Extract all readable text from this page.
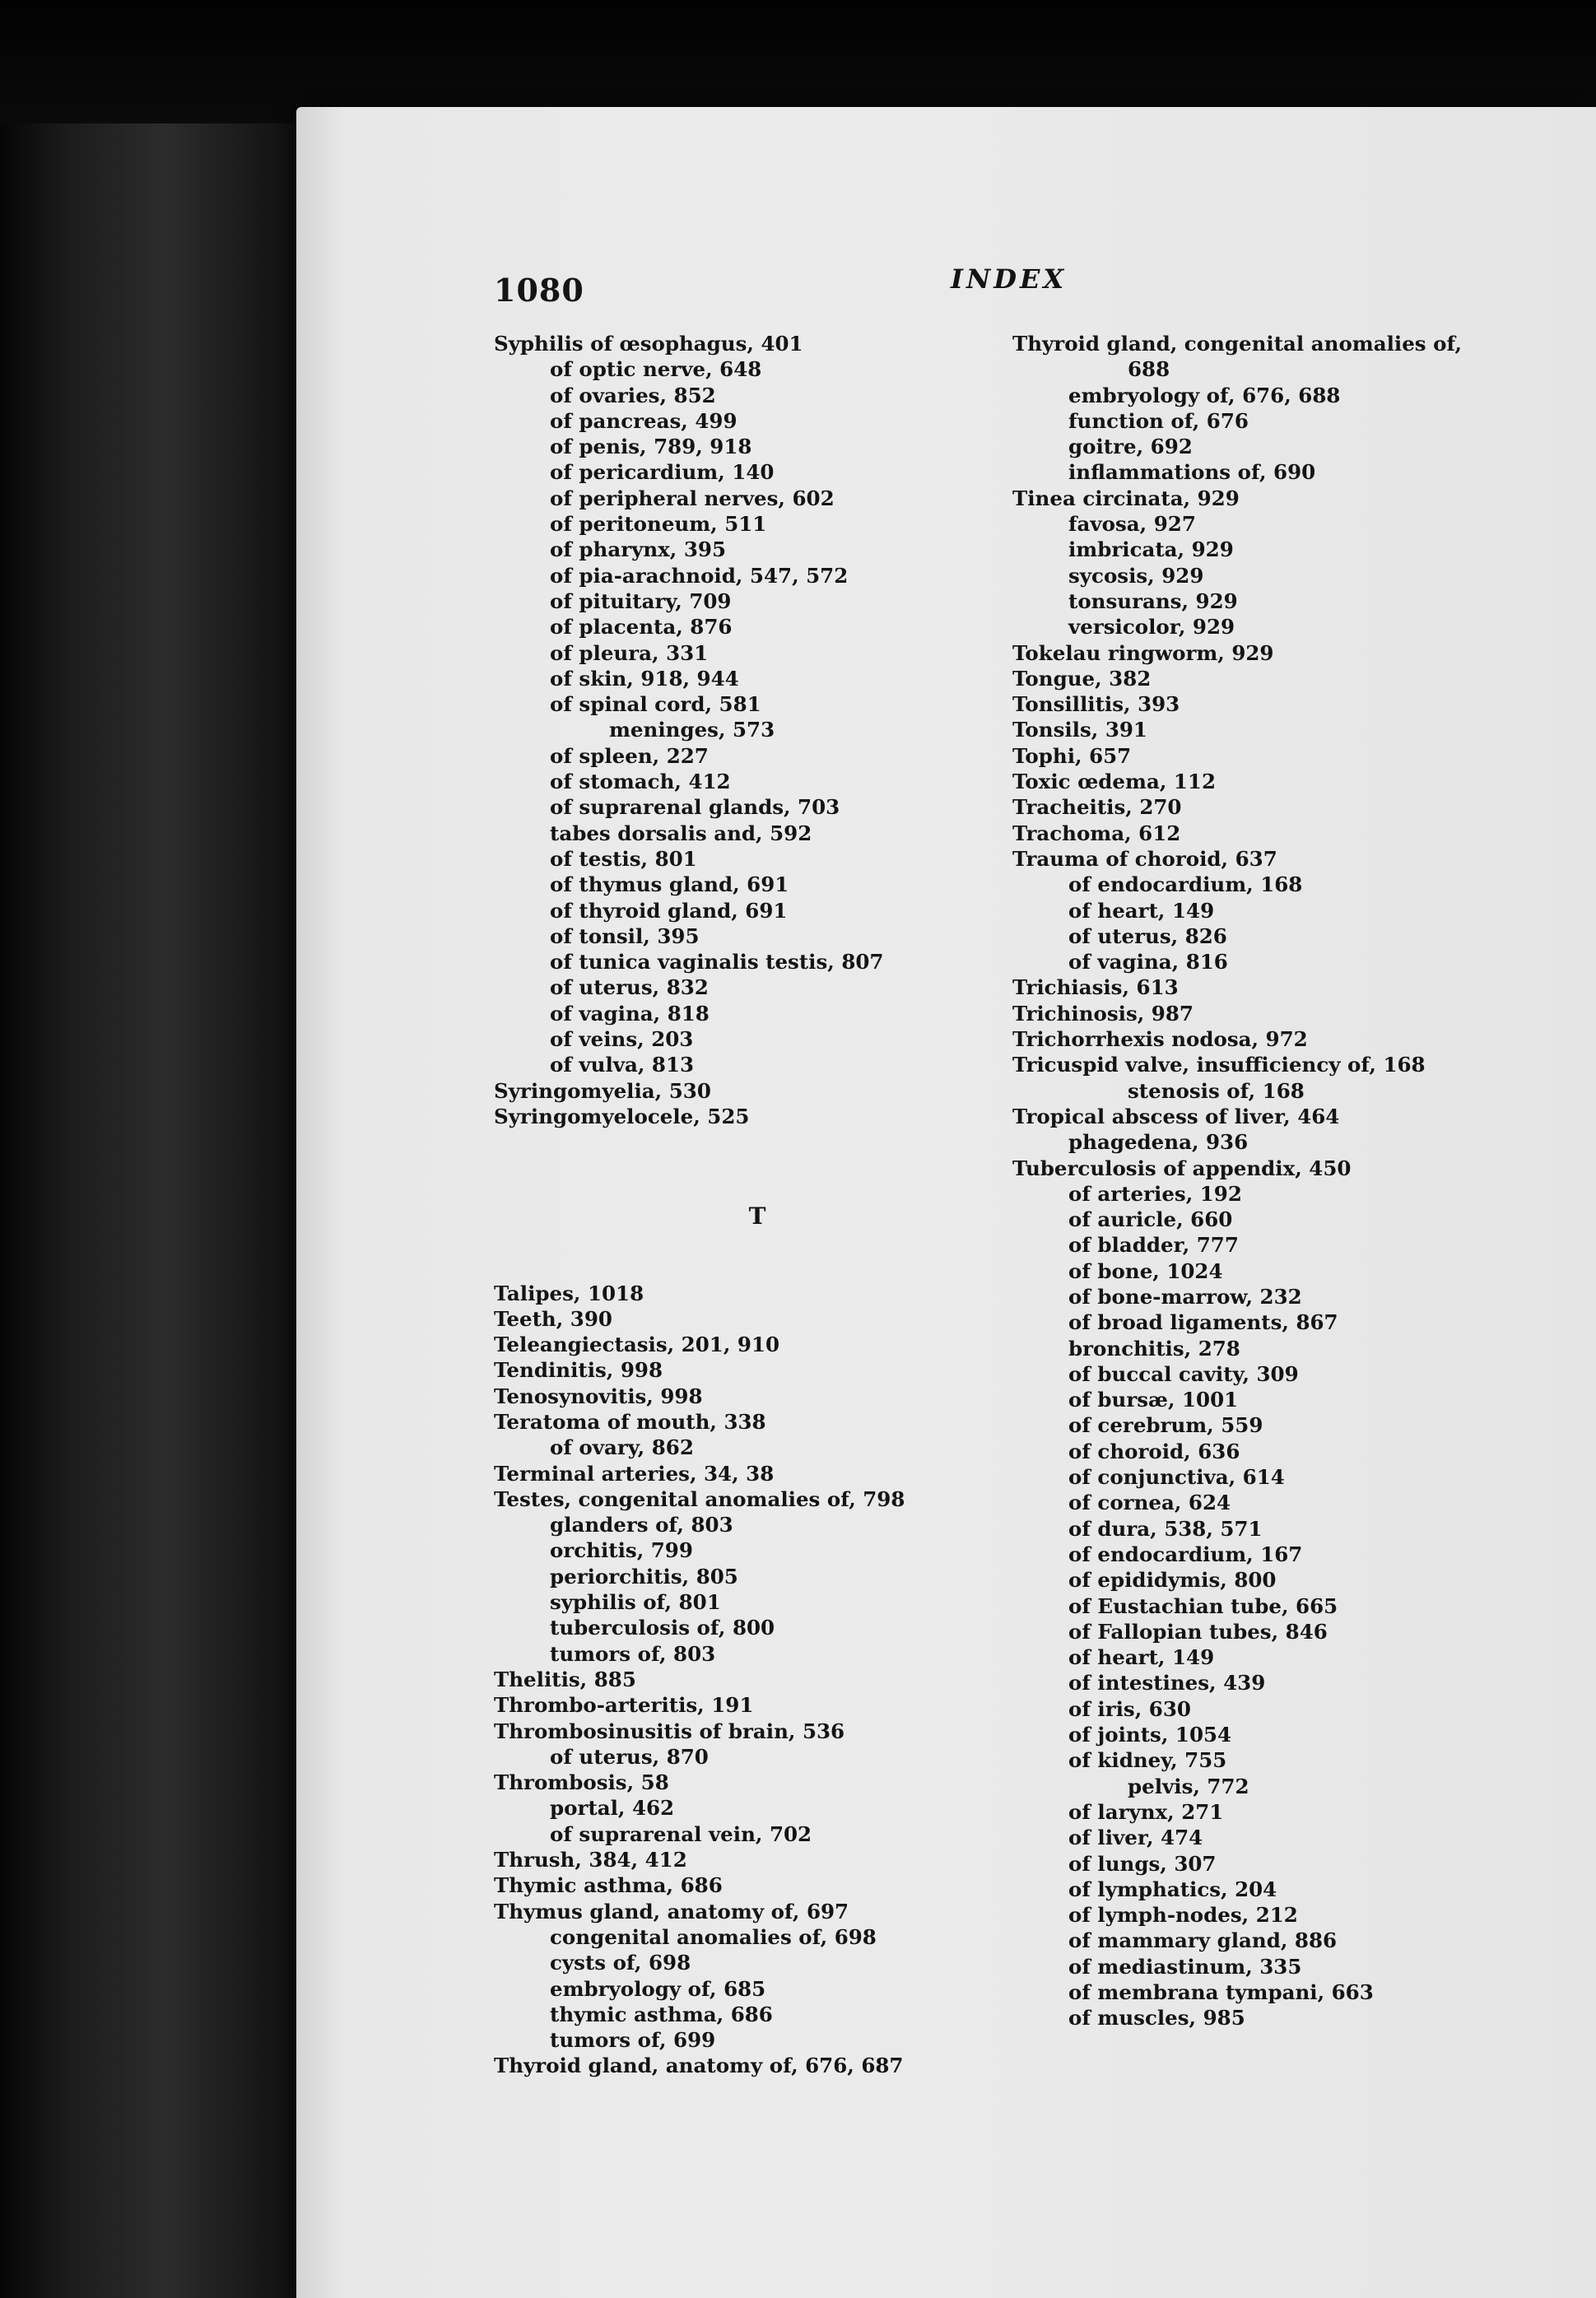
1080	INDEX
Syphilis of œsophagus, 401
of optic nerve, 648
of ovaries, 852
of pancreas, 499
of penis, 789, 918
of pericardium, 140
of peripheral nerves, 602
of peritoneum, 511
of pharynx, 395
of pia-arachnoid, 547, 572
of pituitary, 709
of placenta, 876
of pleura, 331
of skin, 918, 944
of spinal cord, 581
meninges, 573
of spleen, 227
of stomach, 412
of suprarenal glands, 703
tabes dorsalis and, 592
of testis, 801
of thymus gland, 691
of thyroid gland, 691
of tonsil, 395
of tunica vaginalis testis, 807
of uterus, 832
of vagina, 818
of veins, 203
of vulva, 813
Syringomyelia, 530
Syringomyelocele, 525
T
Talipes, 1018
Teeth, 390
Teleangiectasis, 201, 910
Tendinitis, 998
Tenosynovitis, 998
Teratoma of mouth, 338
of ovary, 862
Terminal arteries, 34, 38
Testes, congenital anomalies of, 798
glanders of, 803
orchitis, 799
periorchitis, 805
syphilis of, 801
tuberculosis of, 800
tumors of, 803
Thelitis, 885
Thrombo-arteritis, 191
Thrombosinusitis of brain, 536
of uterus, 870
Thrombosis, 58
portal, 462
of suprarenal vein, 702
Thrush, 384, 412
Thymic asthma, 686
Thymus gland, anatomy of, 697
congenital anomalies of, 698
cysts of, 698
embryology of, 685
thymic asthma, 686
tumors of, 699
Thyroid gland, anatomy of, 676, 687
Thyroid gland, congenital anomalies of,
688
embryology of, 676, 688
function of, 676
goitre, 692
inflammations of, 690
Tinea circinata, 929
favosa, 927
imbricata, 929
sycosis, 929
tonsurans, 929
versicolor, 929
Tokelau ringworm, 929
Tongue, 382
Tonsillitis, 393
Tonsils, 391
Tophi, 657
Toxic œdema, 112
Tracheitis, 270
Trachoma, 612
Trauma of choroid, 637
of endocardium, 168
of heart, 149
of uterus, 826
of vagina, 816
Trichiasis, 613
Trichinosis, 987
Trichorrhexis nodosa, 972
Tricuspid valve, insufficiency of, 168
stenosis of, 168
Tropical abscess of liver, 464
phagedena, 936
Tuberculosis of appendix, 450
of arteries, 192
of auricle, 660
of bladder, 777
of bone, 1024
of bone-marrow, 232
of broad ligaments, 867
bronchitis, 278
of buccal cavity, 309
of bursæ, 1001
of cerebrum, 559
of choroid, 636
of conjunctiva, 614
of cornea, 624
of dura, 538, 571
of endocardium, 167
of epididymis, 800
of Eustachian tube, 665
of Fallopian tubes, 846
of heart, 149
of intestines, 439
of iris, 630
of joints, 1054
of kidney, 755
pelvis, 772
of larynx, 271
of liver, 474
of lungs, 307
of lymphatics, 204
of lymph-nodes, 212
of mammary gland, 886
of mediastinum, 335
of membrana tympani, 663
of muscles, 985
